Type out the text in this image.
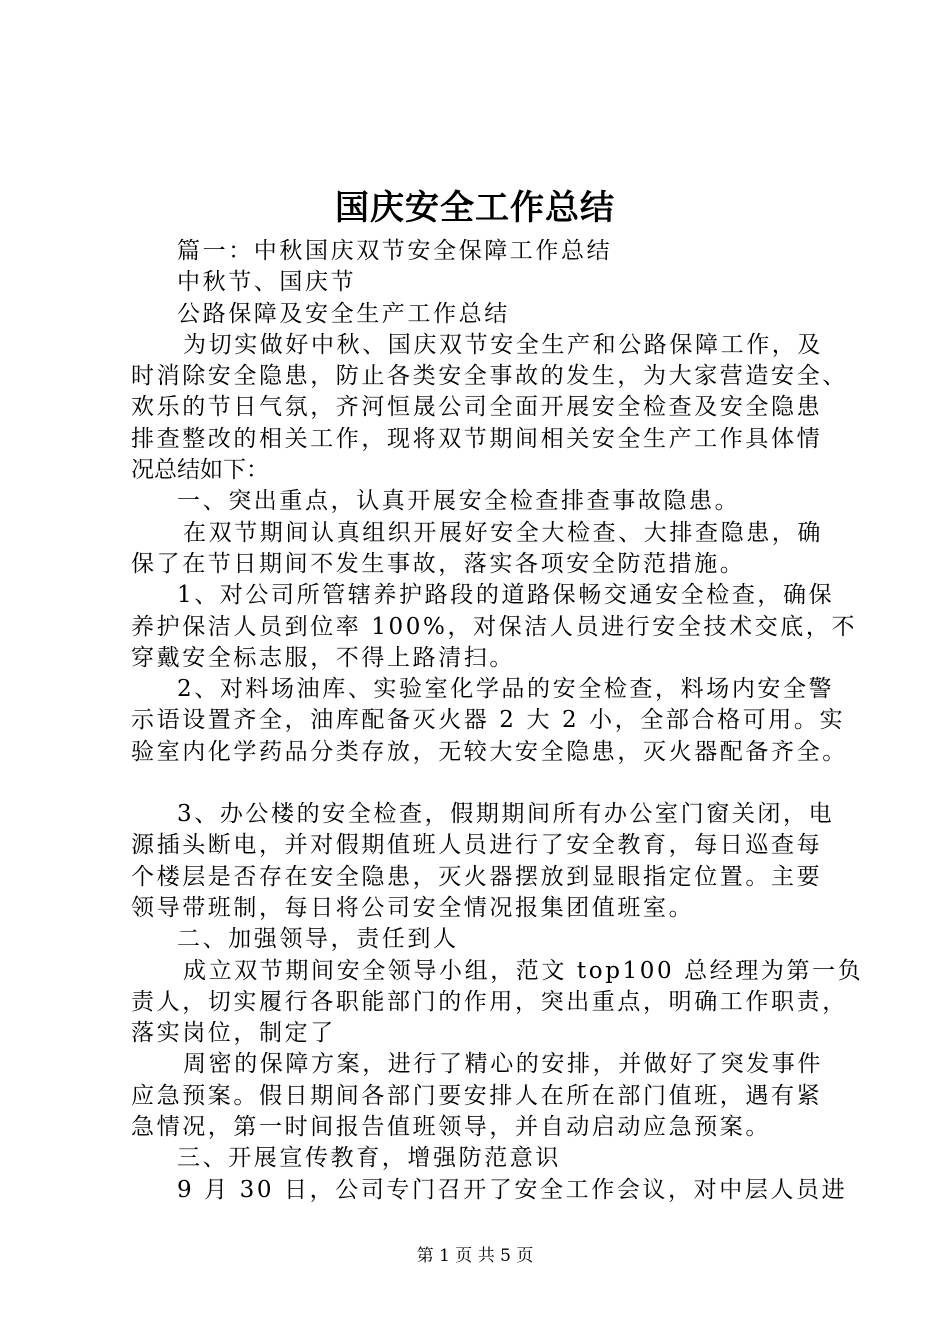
国庆安全工作总结
篇一：中秋国庆双节安全保障工作总结
中秋节、国庆节
公路保障及安全生产工作总结
为切实做好中秋、国庆双节安全生产和公路保障工作，及
时消除安全隐患，防止各类安全事故的发生，为大家营造安全、
欢乐的节日气氛，齐河恒晟公司全面开展安全检查及安全隐患
排查整改的相关工作，现将双节期间相关安全生产工作具体情
况总结如下：
一、突出重点，认真开展安全检查排查事故隐患。
在双节期间认真组织开展好安全大检查、大排查隐患，确
保了在节日期间不发生事故，落实各项安全防范措施。
1、对公司所管辖养护路段的道路保畅交通安全检查，确保
养护保洁人员到位率 100%，对保洁人员进行安全技术交底，不
穿戴安全标志服，不得上路清扫。
2、对料场油库、实验室化学品的安全检查，料场内安全警
示语设置齐全，油库配备灭火器 2 大 2 小，全部合格可用。实
验室内化学药品分类存放，无较大安全隐患，灭火器配备齐全。
3、办公楼的安全检查，假期期间所有办公室门窗关闭，电
源插头断电，并对假期值班人员进行了安全教育，每日巡查每
个楼层是否存在安全隐患，灭火器摆放到显眼指定位置。主要
领导带班制，每日将公司安全情况报集团值班室。
二、加强领导，责任到人
成立双节期间安全领导小组，范文 top100 总经理为第一负
责人，切实履行各职能部门的作用，突出重点，明确工作职责，
落实岗位，制定了
周密的保障方案，进行了精心的安排，并做好了突发事件
应急预案。假日期间各部门要安排人在所在部门值班，遇有紧
急情况，第一时间报告值班领导，并自动启动应急预案。
三、开展宣传教育，增强防范意识
9 月 30 日，公司专门召开了安全工作会议，对中层人员进
第 1 页 共 5 页
